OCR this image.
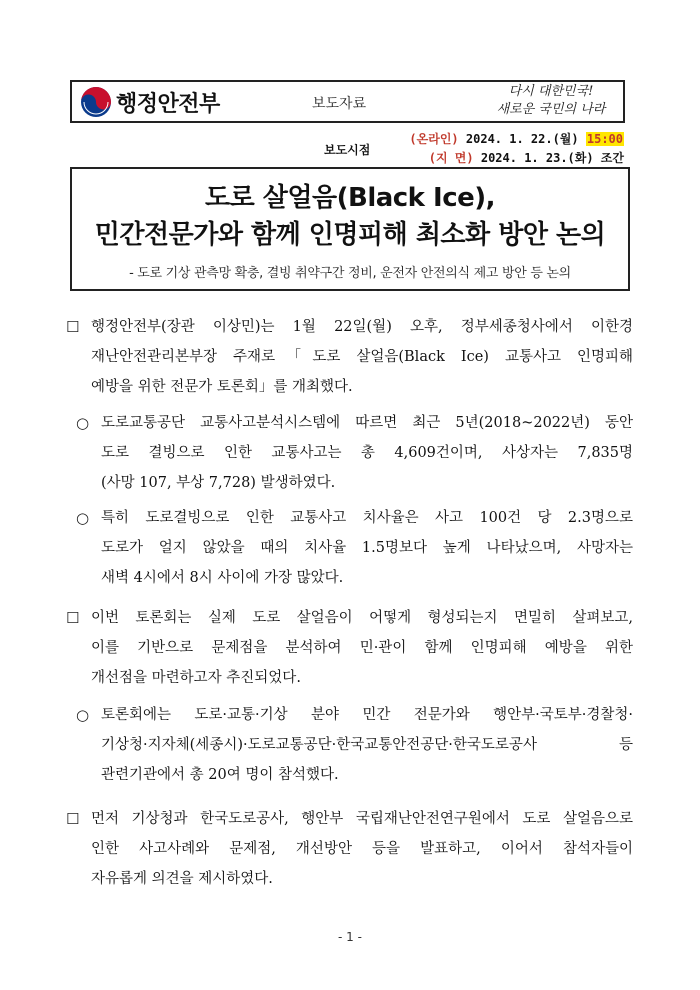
행정안전부	보도자료
다시 대한민국!
새로운 국민의 나라
보도시점
(온라인) 2024. 1. 22.(월) 15:00
(지 면) 2024. 1. 23.(화) 조간
도로 살얼음(Black Ice),
민간전문가와 함께 인명피해 최소화 방안 논의
- 도로 기상 관측망 확충, 결빙 취약구간 정비, 운전자 안전의식 제고 방안 등 논의
☐ 행정안전부(장관 이상민)는 1월 22일(월) 오후, 정부세종청사에서 이한경
재난안전관리본부장 주재로「도로 살얼음(Black Ice) 교통사고 인명피해
예방을 위한 전문가 토론회」를 개최했다.
○ 도로교통공단 교통사고분석시스템에 따르면 최근 5년(2018~2022년) 동안
도로 결빙으로 인한 교통사고는 총 4,609건이며, 사상자는 7,835명
(사망 107, 부상 7,728) 발생하였다.
○ 특히 도로결빙으로 인한 교통사고 치사율은 사고 100건 당 2.3명으로
도로가 얼지 않았을 때의 치사율 1.5명보다 높게 나타났으며, 사망자는
새벽 4시에서 8시 사이에 가장 많았다.
☐ 이번 토론회는 실제 도로 살얼음이 어떻게 형성되는지 면밀히 살펴보고,
이를 기반으로 문제점을 분석하여 민·관이 함께 인명피해 예방을 위한
개선점을 마련하고자 추진되었다.
○ 토론회에는 도로·교통·기상 분야 민간 전문가와 행안부·국토부·경찰청·
기상청·지자체(세종시)·도로교통공단·한국교통안전공단·한국도로공사 등
관련기관에서 총 20여 명이 참석했다.
☐ 먼저 기상청과 한국도로공사, 행안부 국립재난안전연구원에서 도로 살얼음으로
인한 사고사례와 문제점, 개선방안 등을 발표하고, 이어서 참석자들이
자유롭게 의견을 제시하였다.
- 1 -
